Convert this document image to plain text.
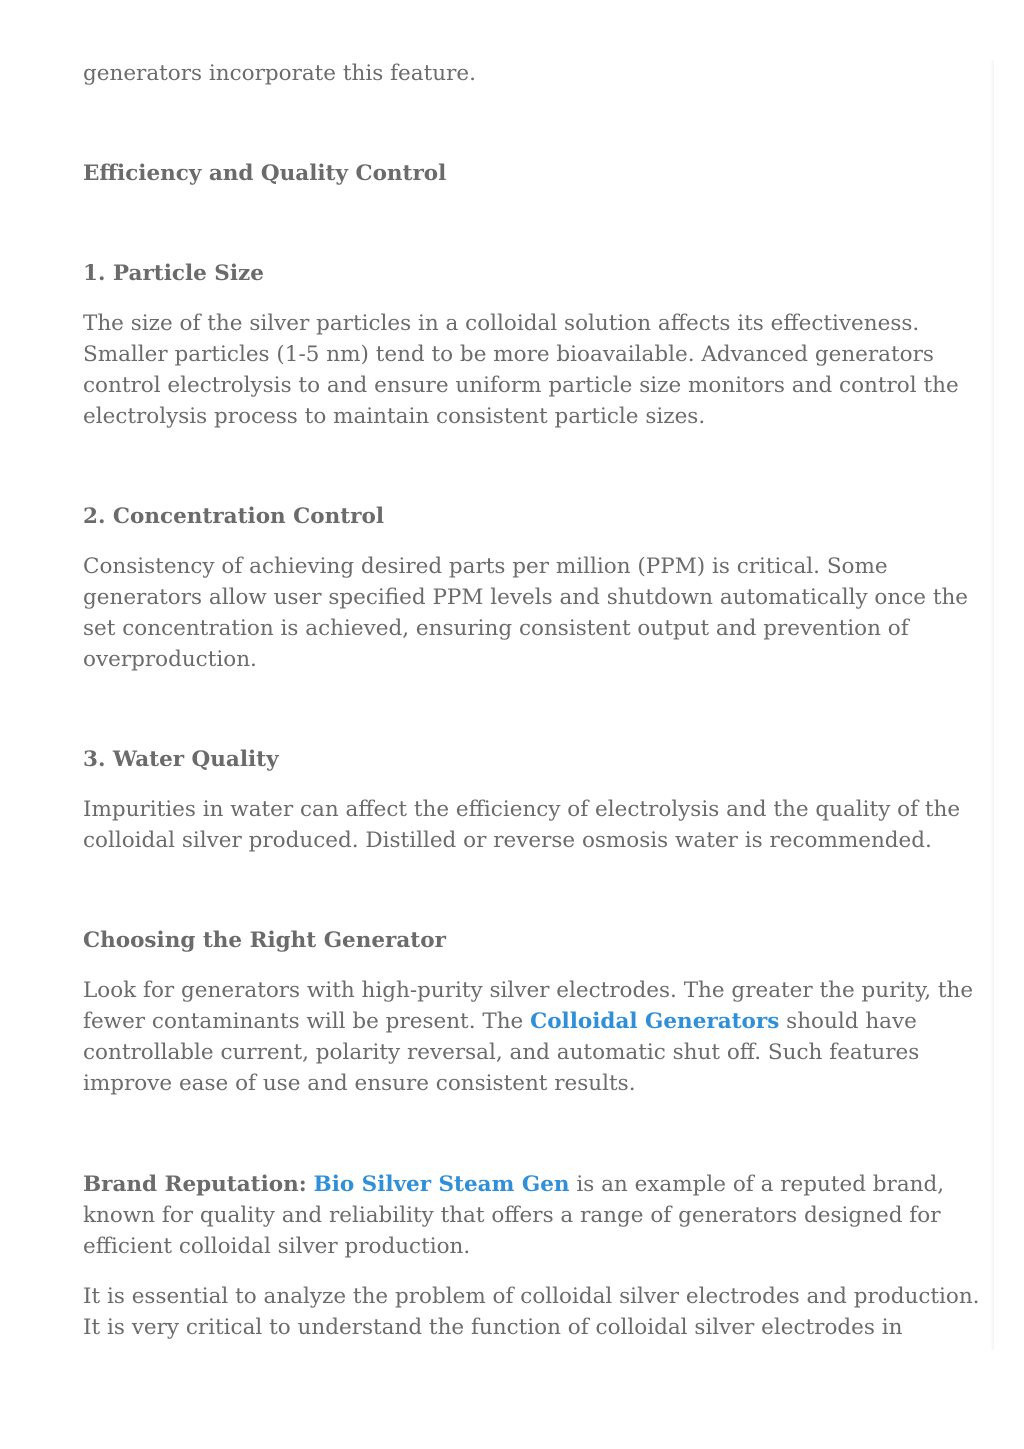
generators incorporate this feature.

Efficiency and Quality Control
1. Particle Size

The size of the silver particles in a colloidal solution affects its effectiveness. Smaller particles (1-5 nm) tend to be more bioavailable. Advanced generators control electrolysis to and ensure uniform particle size monitors and control the electrolysis process to maintain consistent particle sizes.

2. Concentration Control

Consistency of achieving desired parts per million (PPM) is critical. Some generators allow user specified PPM levels and shutdown automatically once the set concentration is achieved, ensuring consistent output and prevention of overproduction.

3. Water Quality

Impurities in water can affect the efficiency of electrolysis and the quality of the colloidal silver produced. Distilled or reverse osmosis water is recommended.

Choosing the Right Generator

Look for generators with high-purity silver electrodes. The greater the purity, the fewer contaminants will be present. The Colloidal Generators should have controllable current, polarity reversal, and automatic shut off. Such features improve ease of use and ensure consistent results.

Brand Reputation: Bio Silver Steam Gen is an example of a reputed brand, known for quality and reliability that offers a range of generators designed for efficient colloidal silver production.

It is essential to analyze the problem of colloidal silver electrodes and production. It is very critical to understand the function of colloidal silver electrodes in
